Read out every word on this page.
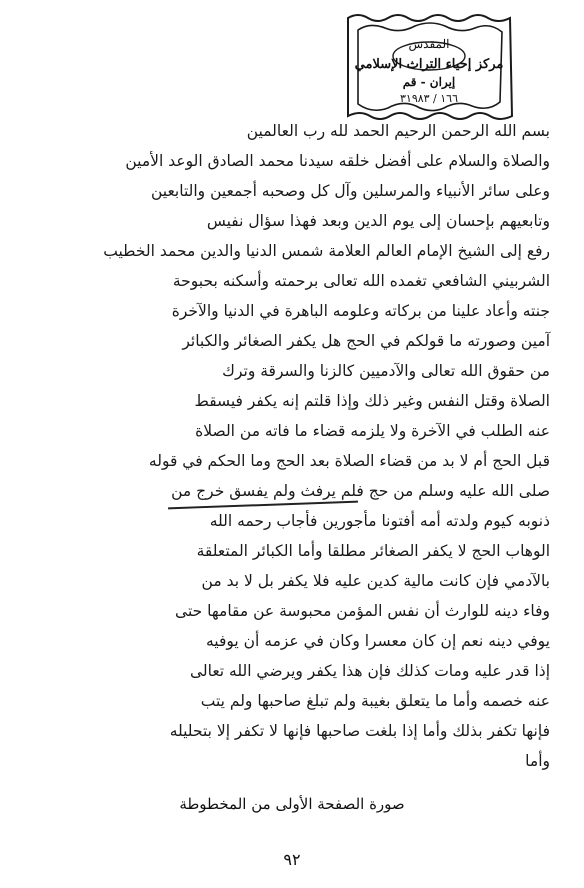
المقدس
مركز إحياء التراث الإسلامي
إيران - قم
١٦٦ / ٣١٩٨٣
بسم الله الرحمن الرحيم الحمد لله رب العالمين
والصلاة والسلام على أفضل خلقه سيدنا محمد الصادق الوعد الأمين
وعلى سائر الأنبياء والمرسلين وآل كل وصحبه أجمعين والتابعين
وتابعيهم بإحسان إلى يوم الدين وبعد فهذا سؤال نفيس
رفع إلى الشيخ الإمام العالم العلامة شمس الدنيا والدين محمد الخطيب
الشربيني الشافعي تغمده الله تعالى برحمته وأسكنه بحبوحة
جنته وأعاد علينا من بركاته وعلومه الباهرة في الدنيا والآخرة
آمين وصورته ما قولكم في الحج هل يكفر الصغائر والكبائر
من حقوق الله تعالى والآدميين كالزنا والسرقة وترك
الصلاة وقتل النفس وغير ذلك وإذا قلتم إنه يكفر فيسقط
عنه الطلب في الآخرة ولا يلزمه قضاء ما فاته من الصلاة
قبل الحج أم لا بد من قضاء الصلاة بعد الحج وما الحكم في قوله
صلى الله عليه وسلم من حج فلم يرفث ولم يفسق خرج من
ذنوبه كيوم ولدته أمه أفتونا مأجورين فأجاب رحمه الله
الوهاب الحج لا يكفر الصغائر مطلقا وأما الكبائر المتعلقة
بالآدمي فإن كانت مالية كدين عليه فلا يكفر بل لا بد من
وفاء دينه للوارث أن نفس المؤمن محبوسة عن مقامها حتى
يوفي دينه نعم إن كان معسرا وكان في عزمه أن يوفيه
إذا قدر عليه ومات كذلك فإن هذا يكفر ويرضي الله تعالى
عنه خصمه وأما ما يتعلق بغيبة ولم تبلغ صاحبها ولم يتب
فإنها تكفر بذلك وأما إذا بلغت صاحبها فإنها لا تكفر إلا بتحليله
وأما
صورة الصفحة الأولى من المخطوطة
٩٢
